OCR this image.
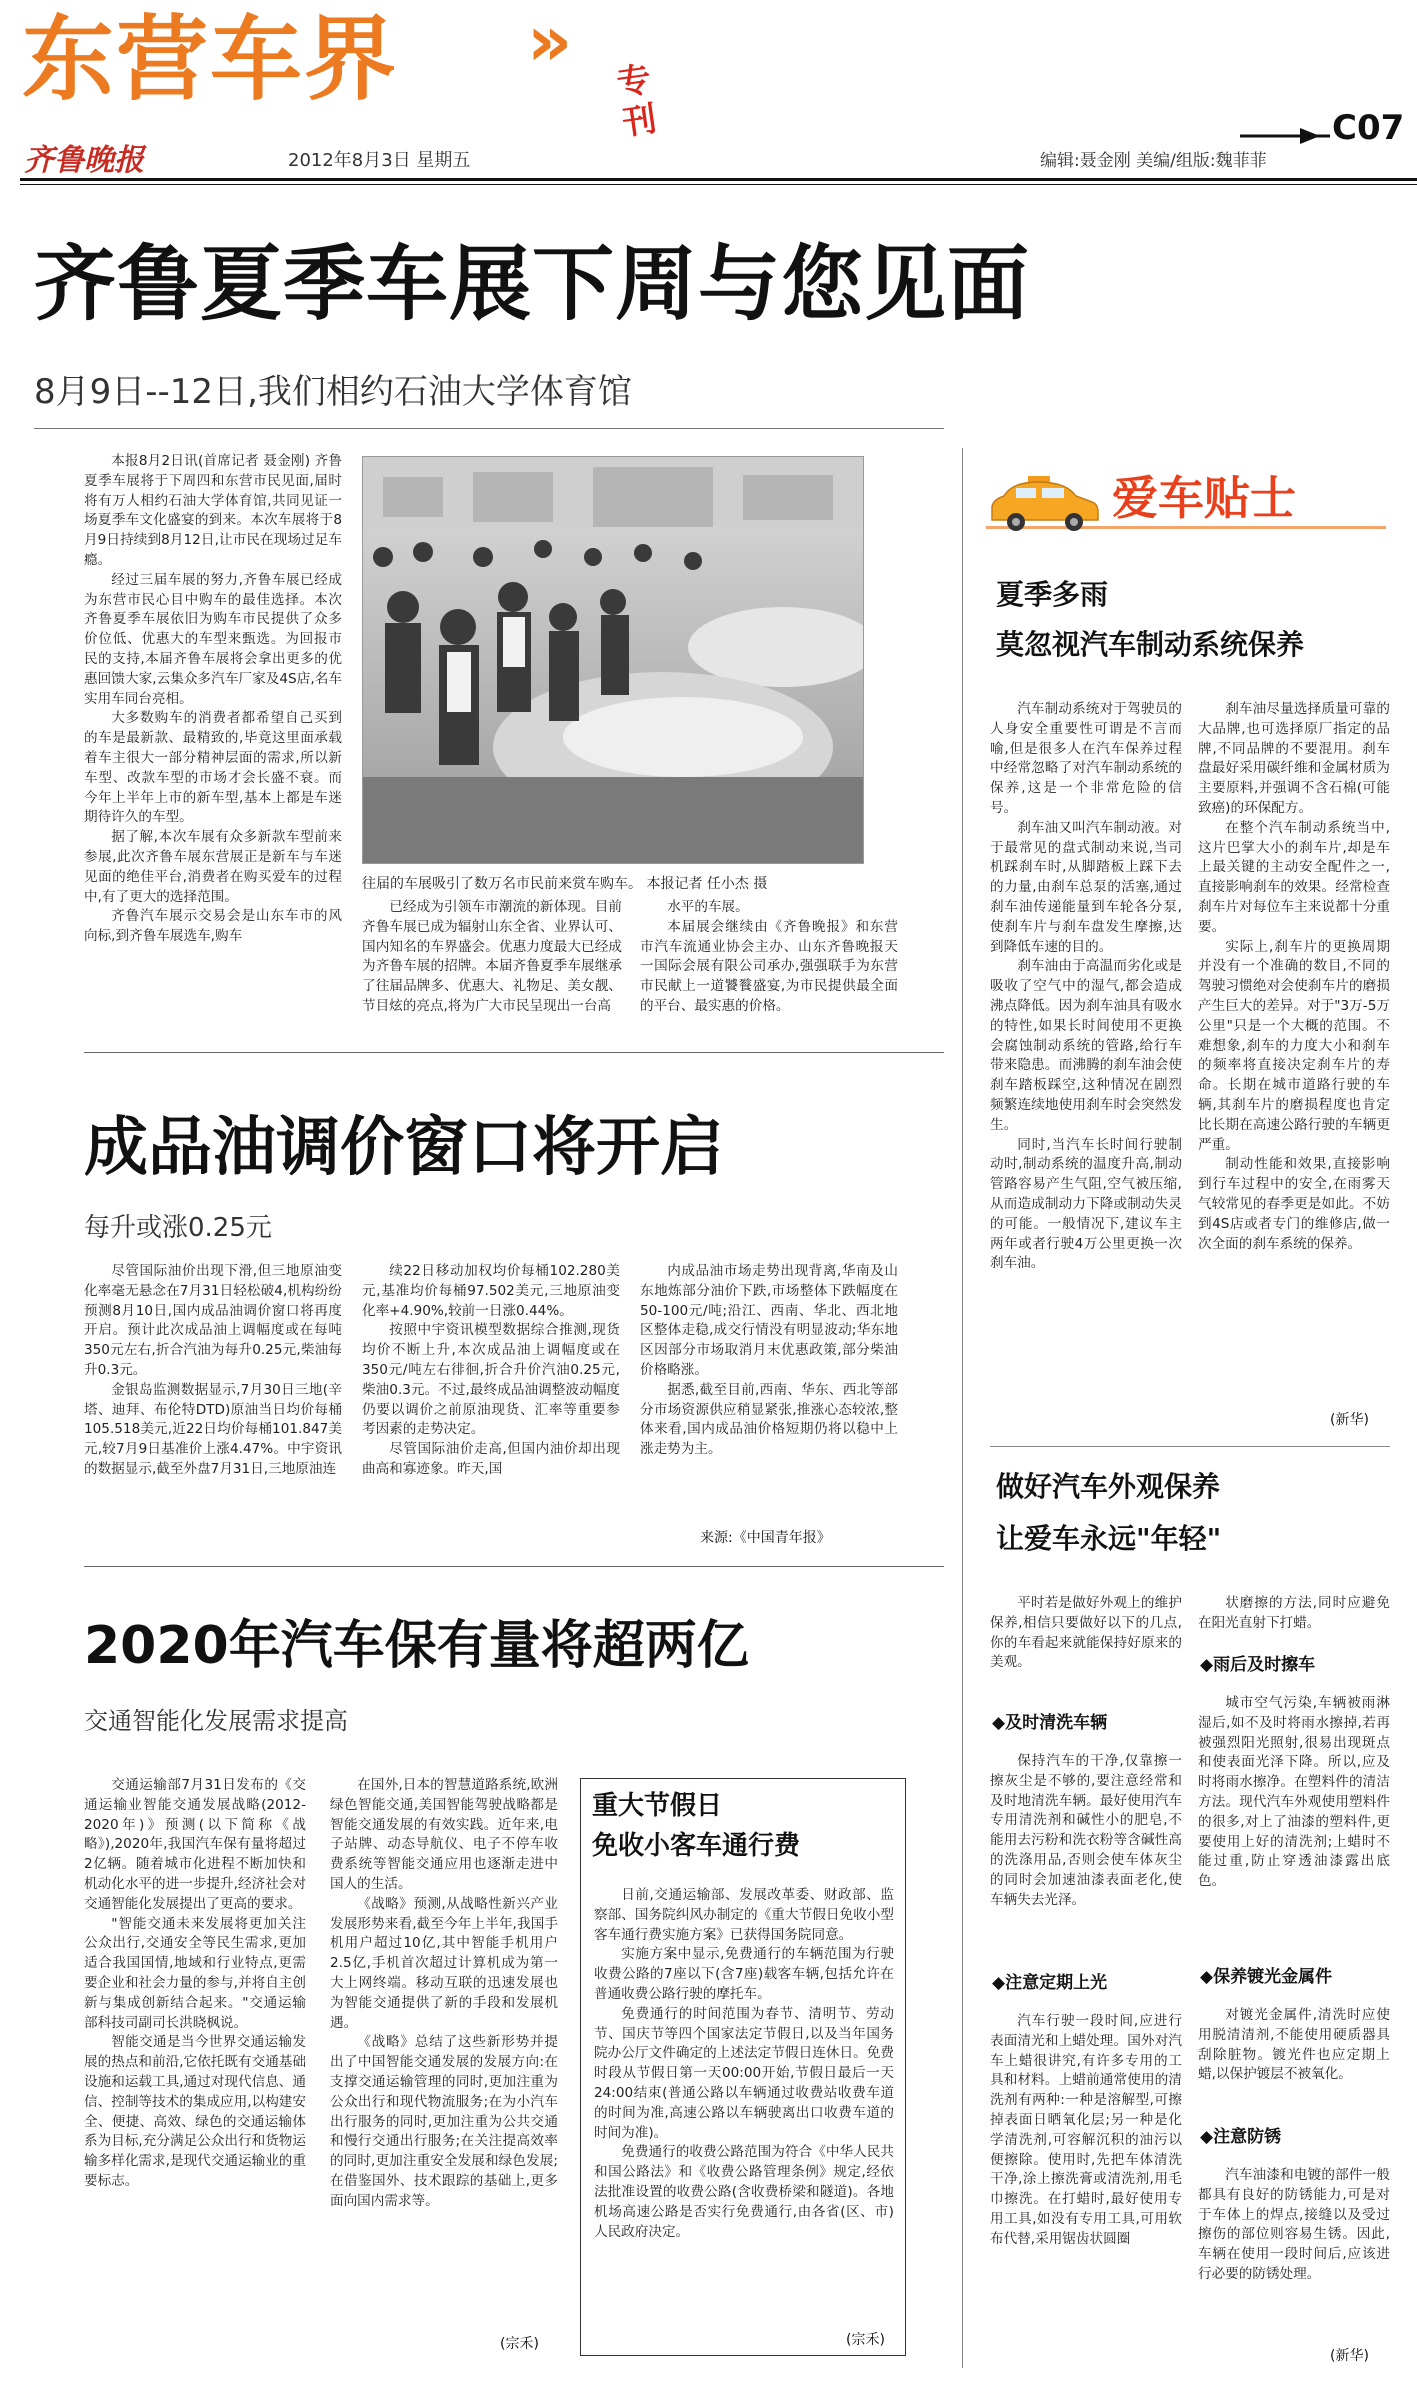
东营车界 » 专刊
齐鲁晚报	2012年8月3日 星期五	编辑:聂金刚 美编/组版:魏菲菲
C07
齐鲁夏季车展下周与您见面
8月9日--12日,我们相约石油大学体育馆

本报8月2日讯(首席记者 聂金刚) 齐鲁夏季车展将于下周四和东营市民见面,届时将有万人相约石油大学体育馆,共同见证一场夏季车文化盛宴的到来。本次车展将于8月9日持续到8月12日,让市民在现场过足车瘾。

经过三届车展的努力,齐鲁车展已经成为东营市民心目中购车的最佳选择。本次齐鲁夏季车展依旧为购车市民提供了众多价位低、优惠大的车型来甄选。为回报市民的支持,本届齐鲁车展将会拿出更多的优惠回馈大家,云集众多汽车厂家及4S店,名车实用车同台亮相。

大多数购车的消费者都希望自己买到的车是最新款、最精致的,毕竟这里面承载着车主很大一部分精神层面的需求,所以新车型、改款车型的市场才会长盛不衰。而今年上半年上市的新车型,基本上都是车迷期待许久的车型。

据了解,本次车展有众多新款车型前来参展,此次齐鲁车展东营展正是新车与车迷见面的绝佳平台,消费者在购买爱车的过程中,有了更大的选择范围。

齐鲁汽车展示交易会是山东车市的风向标,到齐鲁车展选车,购车

往届的车展吸引了数万名市民前来赏车购车。 本报记者 任小杰 摄

已经成为引领车市潮流的新体现。目前齐鲁车展已成为辐射山东全省、业界认可、国内知名的车界盛会。优惠力度最大已经成为齐鲁车展的招牌。本届齐鲁夏季车展继承了往届品牌多、优惠大、礼物足、美女靓、节目炫的亮点,将为广大市民呈现出一台高

水平的车展。

本届展会继续由《齐鲁晚报》和东营市汽车流通业协会主办、山东齐鲁晚报天一国际会展有限公司承办,强强联手为东营市民献上一道饕餮盛宴,为市民提供最全面的平台、最实惠的价格。

成品油调价窗口将开启
每升或涨0.25元

尽管国际油价出现下滑,但三地原油变化率毫无悬念在7月31日轻松破4,机构纷纷预测8月10日,国内成品油调价窗口将再度开启。预计此次成品油上调幅度或在每吨350元左右,折合汽油为每升0.25元,柴油每升0.3元。

金银岛监测数据显示,7月30日三地(辛塔、迪拜、布伦特DTD)原油当日均价每桶105.518美元,近22日均价每桶101.847美元,较7月9日基准价上涨4.47%。中宇资讯的数据显示,截至外盘7月31日,三地原油连

续22日移动加权均价每桶102.280美元,基准均价每桶97.502美元,三地原油变化率+4.90%,较前一日涨0.44%。

按照中宇资讯模型数据综合推测,现货均价不断上升,本次成品油上调幅度或在350元/吨左右徘徊,折合升价汽油0.25元,柴油0.3元。不过,最终成品油调整波动幅度仍要以调价之前原油现货、汇率等重要参考因素的走势决定。

尽管国际油价走高,但国内油价却出现曲高和寡迹象。昨天,国

内成品油市场走势出现背离,华南及山东地炼部分油价下跌,市场整体下跌幅度在50-100元/吨;沿江、西南、华北、西北地区整体走稳,成交行情没有明显波动;华东地区因部分市场取消月末优惠政策,部分柴油价格略涨。

据悉,截至目前,西南、华东、西北等部分市场资源供应稍显紧张,推涨心态较浓,整体来看,国内成品油价格短期仍将以稳中上涨走势为主。

来源:《中国青年报》
2020年汽车保有量将超两亿
交通智能化发展需求提高

交通运输部7月31日发布的《交通运输业智能交通发展战略(2012-2020年)》预测(以下简称《战略》),2020年,我国汽车保有量将超过2亿辆。随着城市化进程不断加快和机动化水平的进一步提升,经济社会对交通智能化发展提出了更高的要求。

"智能交通未来发展将更加关注公众出行,交通安全等民生需求,更加适合我国国情,地域和行业特点,更需要企业和社会力量的参与,并将自主创新与集成创新结合起来。"交通运输部科技司副司长洪晓枫说。

智能交通是当今世界交通运输发展的热点和前沿,它依托既有交通基础设施和运载工具,通过对现代信息、通信、控制等技术的集成应用,以构建安全、便捷、高效、绿色的交通运输体系为目标,充分满足公众出行和货物运输多样化需求,是现代交通运输业的重要标志。

在国外,日本的智慧道路系统,欧洲绿色智能交通,美国智能驾驶战略都是智能交通发展的有效实践。近年来,电子站牌、动态导航仪、电子不停车收费系统等智能交通应用也逐渐走进中国人的生活。

《战略》预测,从战略性新兴产业发展形势来看,截至今年上半年,我国手机用户超过10亿,其中智能手机用户2.5亿,手机首次超过计算机成为第一大上网终端。移动互联的迅速发展也为智能交通提供了新的手段和发展机遇。

《战略》总结了这些新形势并提出了中国智能交通发展的发展方向:在支撑交通运输管理的同时,更加注重为公众出行和现代物流服务;在为小汽车出行服务的同时,更加注重为公共交通和慢行交通出行服务;在关注提高效率的同时,更加注重安全发展和绿色发展;在借鉴国外、技术跟踪的基础上,更多面向国内需求等。

(宗禾)
重大节假日
免收小客车通行费

日前,交通运输部、发展改革委、财政部、监察部、国务院纠风办制定的《重大节假日免收小型客车通行费实施方案》已获得国务院同意。

实施方案中显示,免费通行的车辆范围为行驶收费公路的7座以下(含7座)载客车辆,包括允许在普通收费公路行驶的摩托车。

免费通行的时间范围为春节、清明节、劳动节、国庆节等四个国家法定节假日,以及当年国务院办公厅文件确定的上述法定节假日连休日。免费时段从节假日第一天00:00开始,节假日最后一天24:00结束(普通公路以车辆通过收费站收费车道的时间为准,高速公路以车辆驶离出口收费车道的时间为准)。

免费通行的收费公路范围为符合《中华人民共和国公路法》和《收费公路管理条例》规定,经依法批准设置的收费公路(含收费桥梁和隧道)。各地机场高速公路是否实行免费通行,由各省(区、市)人民政府决定。

(宗禾)
爱车贴士
夏季多雨
莫忽视汽车制动系统保养

汽车制动系统对于驾驶员的人身安全重要性可谓是不言而喻,但是很多人在汽车保养过程中经常忽略了对汽车制动系统的保养,这是一个非常危险的信号。

刹车油又叫汽车制动液。对于最常见的盘式制动来说,当司机踩刹车时,从脚踏板上踩下去的力量,由刹车总泵的活塞,通过刹车油传递能量到车轮各分泵,使刹车片与刹车盘发生摩擦,达到降低车速的目的。

刹车油由于高温而劣化或是吸收了空气中的湿气,都会造成沸点降低。因为刹车油具有吸水的特性,如果长时间使用不更换会腐蚀制动系统的管路,给行车带来隐患。而沸腾的刹车油会使刹车踏板踩空,这种情况在剧烈频繁连续地使用刹车时会突然发生。

同时,当汽车长时间行驶制动时,制动系统的温度升高,制动管路容易产生气阻,空气被压缩,从而造成制动力下降或制动失灵的可能。一般情况下,建议车主两年或者行驶4万公里更换一次刹车油。

刹车油尽量选择质量可靠的大品牌,也可选择原厂指定的品牌,不同品牌的不要混用。刹车盘最好采用碳纤维和金属材质为主要原料,并强调不含石棉(可能致癌)的环保配方。

在整个汽车制动系统当中,这片巴掌大小的刹车片,却是车上最关键的主动安全配件之一,直接影响刹车的效果。经常检查刹车片对每位车主来说都十分重要。

实际上,刹车片的更换周期并没有一个准确的数目,不同的驾驶习惯绝对会使刹车片的磨损产生巨大的差异。对于"3万-5万公里"只是一个大概的范围。不难想象,刹车的力度大小和刹车的频率将直接决定刹车片的寿命。长期在城市道路行驶的车辆,其刹车片的磨损程度也肯定比长期在高速公路行驶的车辆更严重。

制动性能和效果,直接影响到行车过程中的安全,在雨雾天气较常见的春季更是如此。不妨到4S店或者专门的维修店,做一次全面的刹车系统的保养。

(新华)
做好汽车外观保养
让爱车永远"年轻"

平时若是做好外观上的维护保养,相信只要做好以下的几点,你的车看起来就能保持好原来的美观。

◆及时清洗车辆

保持汽车的干净,仅靠擦一擦灰尘是不够的,要注意经常和及时地清洗车辆。最好使用汽车专用清洗剂和碱性小的肥皂,不能用去污粉和洗衣粉等含碱性高的洗涤用品,否则会使车体灰尘的同时会加速油漆表面老化,使车辆失去光泽。

◆注意定期上光

汽车行驶一段时间,应进行表面清光和上蜡处理。国外对汽车上蜡很讲究,有许多专用的工具和材料。上蜡前通常使用的清洗剂有两种:一种是溶解型,可擦掉表面日晒氧化层;另一种是化学清洗剂,可容解沉积的油污以便擦除。使用时,先把车体清洗干净,涂上擦洗膏或清洗剂,用毛巾擦洗。在打蜡时,最好使用专用工具,如没有专用工具,可用软布代替,采用锯齿状圆圈

状磨擦的方法,同时应避免在阳光直射下打蜡。

◆雨后及时擦车

城市空气污染,车辆被雨淋湿后,如不及时将雨水擦掉,若再被强烈阳光照射,很易出现斑点和使表面光泽下降。所以,应及时将雨水擦净。在塑料件的清洁方法。现代汽车外观使用塑料件的很多,对上了油漆的塑料件,更要使用上好的清洗剂;上蜡时不能过重,防止穿透油漆露出底色。

◆保养镀光金属件

对镀光金属件,清洗时应使用脱清清剂,不能使用硬质器具刮除脏物。镀光件也应定期上蜡,以保护镀层不被氧化。

◆注意防锈

汽车油漆和电镀的部件一般都具有良好的防锈能力,可是对于车体上的焊点,接缝以及受过擦伤的部位则容易生锈。因此,车辆在使用一段时间后,应该进行必要的防锈处理。

(新华)
